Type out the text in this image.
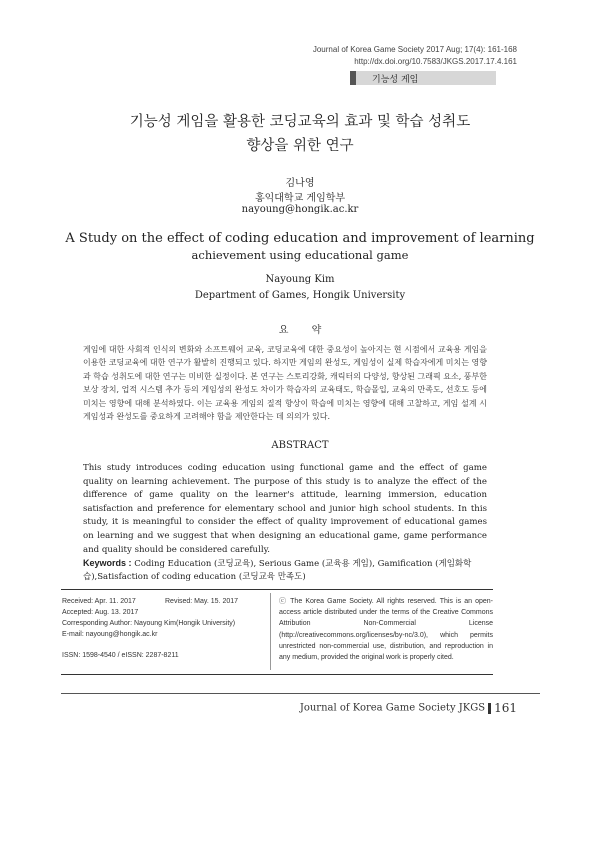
Journal of Korea Game Society 2017 Aug; 17(4): 161-168
http://dx.doi.org/10.7583/JKGS.2017.17.4.161
기능성 게임
기능성 게임을 활용한 코딩교육의 효과 및 학습 성취도
향상을 위한 연구
김나영
홍익대학교 게임학부
nayoung@hongik.ac.kr
A Study on the effect of coding education and improvement of learning
achievement using educational game
Nayoung Kim
Department of Games, Hongik University
요 약
게임에 대한 사회적 인식의 변화와 소프트웨어 교육, 코딩교육에 대한 중요성이 높아지는 현 시점에서 교육용 게임을 이용한 코딩교육에 대한 연구가 활발히 진행되고 있다. 하지만 게임의 완성도, 게임성이 실제 학습자에게 미치는 영향과 학습 성취도에 대한 연구는 미비한 실정이다. 본 연구는 스토리강화, 캐릭터의 다양성, 향상된 그래픽 요소, 풍부한 보상 장치, 업적 시스템 추가 등의 게임성의 완성도 차이가 학습자의 교육태도, 학습몰입, 교육의 만족도, 선호도 등에 미치는 영향에 대해 분석하였다. 이는 교육용 게임의 질적 향상이 학습에 미치는 영향에 대해 고찰하고, 게임 설계 시 게임성과 완성도를 중요하게 고려해야 함을 제안한다는 데 의의가 있다.
ABSTRACT
This study introduces coding education using functional game and the effect of game quality on learning achievement. The purpose of this study is to analyze the effect of the difference of game quality on the learner's attitude, learning immersion, education satisfaction and preference for elementary school and junior high school students. In this study, it is meaningful to consider the effect of quality improvement of educational games on learning and we suggest that when designing an educational game, game performance and quality should be considered carefully.
Keywords : Coding Education (코딩교육), Serious Game (교육용 게임), Gamification (게임화학습),Satisfaction of coding education (코딩교육 만족도)
Received: Apr. 11. 2017	Revised: May. 15. 2017
Accepted: Aug. 13. 2017
Corresponding Author: Nayoung Kim(Hongik University)
E-mail: nayoung@hongik.ac.kr
ISSN: 1598-4540 / eISSN: 2287-8211
ⓒ The Korea Game Society. All rights reserved. This is an open-access article distributed under the terms of the Creative Commons Attribution Non-Commercial License (http://creativecommons.org/licenses/by-nc/3.0), which permits unrestricted non-commercial use, distribution, and reproduction in any medium, provided the original work is properly cited.
Journal of Korea Game Society JKGS 161
